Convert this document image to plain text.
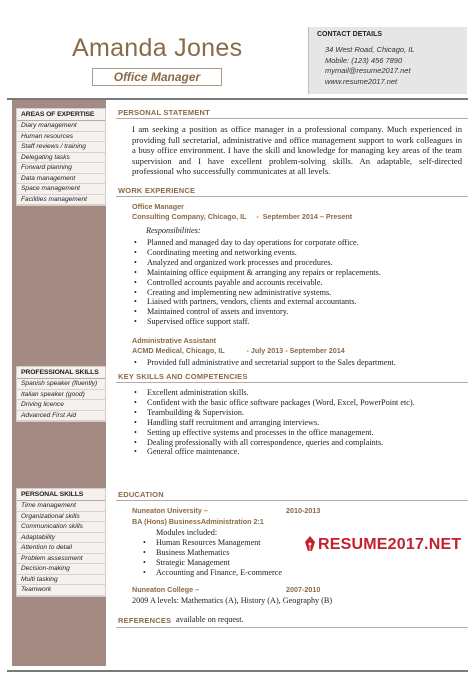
Amanda Jones
Office Manager
CONTACT DETAILS
34 West Road, Chicago, IL
Mobile: (123) 456 7890
mymail@resume2017.net
www.resume2017.net
AREAS OF EXPERTISE
Diary management
Human resources
Staff reviews / training
Delegating tasks
Forward planning
Data management
Space management
Facilities management
PROFESSIONAL SKILLS
Spanish speaker (fluently)
Italian speaker (good)
Driving licence
Advanced First Aid
PERSONAL SKILLS
Time management
Organizational skills
Communication skills
Adaptability
Attention to detail
Problem assessment
Decision-making
Multi tasking
Teamwork
PERSONAL STATEMENT
I am seeking a position as office manager in a professional company. Much experienced in providing full secretarial, administrative and office management support to work colleagues in a busy office environment. I have the skill and knowledge for managing key areas of the team supervision and I have excellent problem-solving skills. An adaptable, self-directed professional who successfully communicates at all levels.
WORK EXPERIENCE
Office Manager
Consulting Company, Chicago, IL     -  September 2014 – Present
Responsibilities:
• Planned and managed day to day operations for corporate office.
• Coordinating meeting and networking events.
• Analyzed and organized work processes and procedures.
• Maintaining office equipment & arranging any repairs or replacements.
• Controlled accounts payable and accounts receivable.
• Creating and implementing new administrative systems.
• Liaised with partners, vendors, clients and external accountants.
• Maintained control of assets and inventory.
• Supervised office support staff.
Administrative Assistant
ACMD Medical, Chicago, IL           - July 2013 - September 2014
• Provided full administrative and secretarial support to the Sales department.
KEY SKILLS AND COMPETENCIES
• Excellent administration skills.
• Confident with the basic office software packages (Word, Excel, PowerPoint etc).
• Teambuilding & Supervision.
• Handling staff recruitment and arranging interviews.
• Setting up effective systems and processes in the office management.
• Dealing professionally with all correspondence, queries and complaints.
• General office maintenance.
EDUCATION
Nuneaton University –	2010-2013
BA (Hons) BusinessAdministration 2:1
Modules included:
• Human Resources Management
• Business Mathematics
• Strategic Management
• Accounting and Finance, E-commerce
Nuneaton College –	2007-2010
2009 A levels: Mathematics (A), History (A), Geography (B)
REFERENCES available on request.
RESUME2017.NET
